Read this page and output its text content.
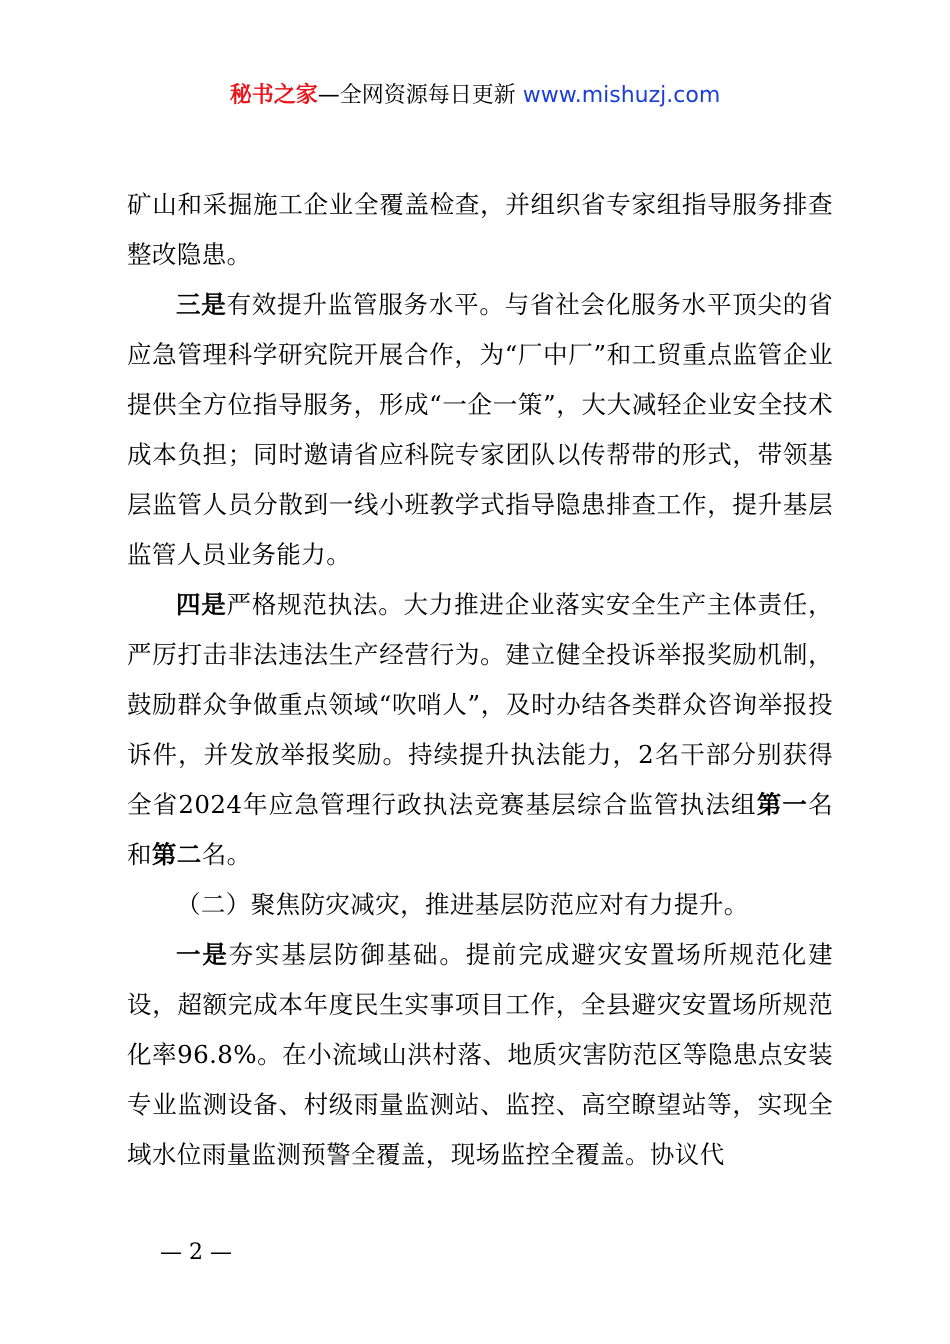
秘书之家—全网资源每日更新 www.mishuzj.com

矿山和采掘施工企业全覆盖检查，并组织省专家组指导服务排查整改隐患。

三是有效提升监管服务水平。与省社会化服务水平顶尖的省应急管理科学研究院开展合作，为“厂中厂”和工贸重点监管企业提供全方位指导服务，形成“一企一策”，大大减轻企业安全技术成本负担；同时邀请省应科院专家团队以传帮带的形式，带领基层监管人员分散到一线小班教学式指导隐患排查工作，提升基层监管人员业务能力。

四是严格规范执法。大力推进企业落实安全生产主体责任，严厉打击非法违法生产经营行为。建立健全投诉举报奖励机制，鼓励群众争做重点领域“吹哨人”，及时办结各类群众咨询举报投诉件，并发放举报奖励。持续提升执法能力，2名干部分别获得全省2024年应急管理行政执法竞赛基层综合监管执法组第一名和第二名。

（二）聚焦防灾减灾，推进基层防范应对有力提升。

一是夯实基层防御基础。提前完成避灾安置场所规范化建设，超额完成本年度民生实事项目工作，全县避灾安置场所规范化率96.8%。在小流域山洪村落、地质灾害防范区等隐患点安装专业监测设备、村级雨量监测站、监控、高空瞭望站等，实现全域水位雨量监测预警全覆盖，现场监控全覆盖。协议代

— 2 —
